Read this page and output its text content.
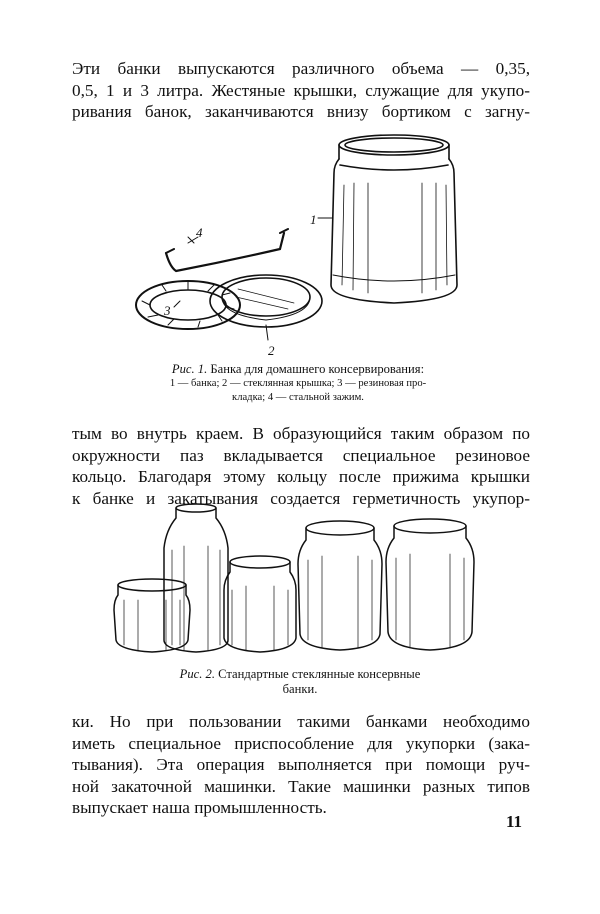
Эти банки выпускаются различного объема — 0,35,
0,5, 1 и 3 литра. Жестяные крышки, служащие для укупо-
ривания банок, заканчиваются внизу бортиком с загну-
1
2
3
4
Рис. 1. Банка для домашнего консервирования:
1 — банка; 2 — стеклянная крышка; 3 — резиновая про-
кладка; 4 — стальной зажим.
тым во внутрь краем. В образующийся таким образом по
окружности паз вкладывается специальное резиновое
кольцо. Благодаря этому кольцу после прижима крышки
к банке и закатывания создается герметичность укупор-
Рис. 2. Стандартные стеклянные консервные
банки.
ки. Но при пользовании такими банками необходимо
иметь специальное приспособление для укупорки (зака-
тывания). Эта операция выполняется при помощи руч-
ной закаточной машинки. Такие машинки разных типов
выпускает наша промышленность.
11
